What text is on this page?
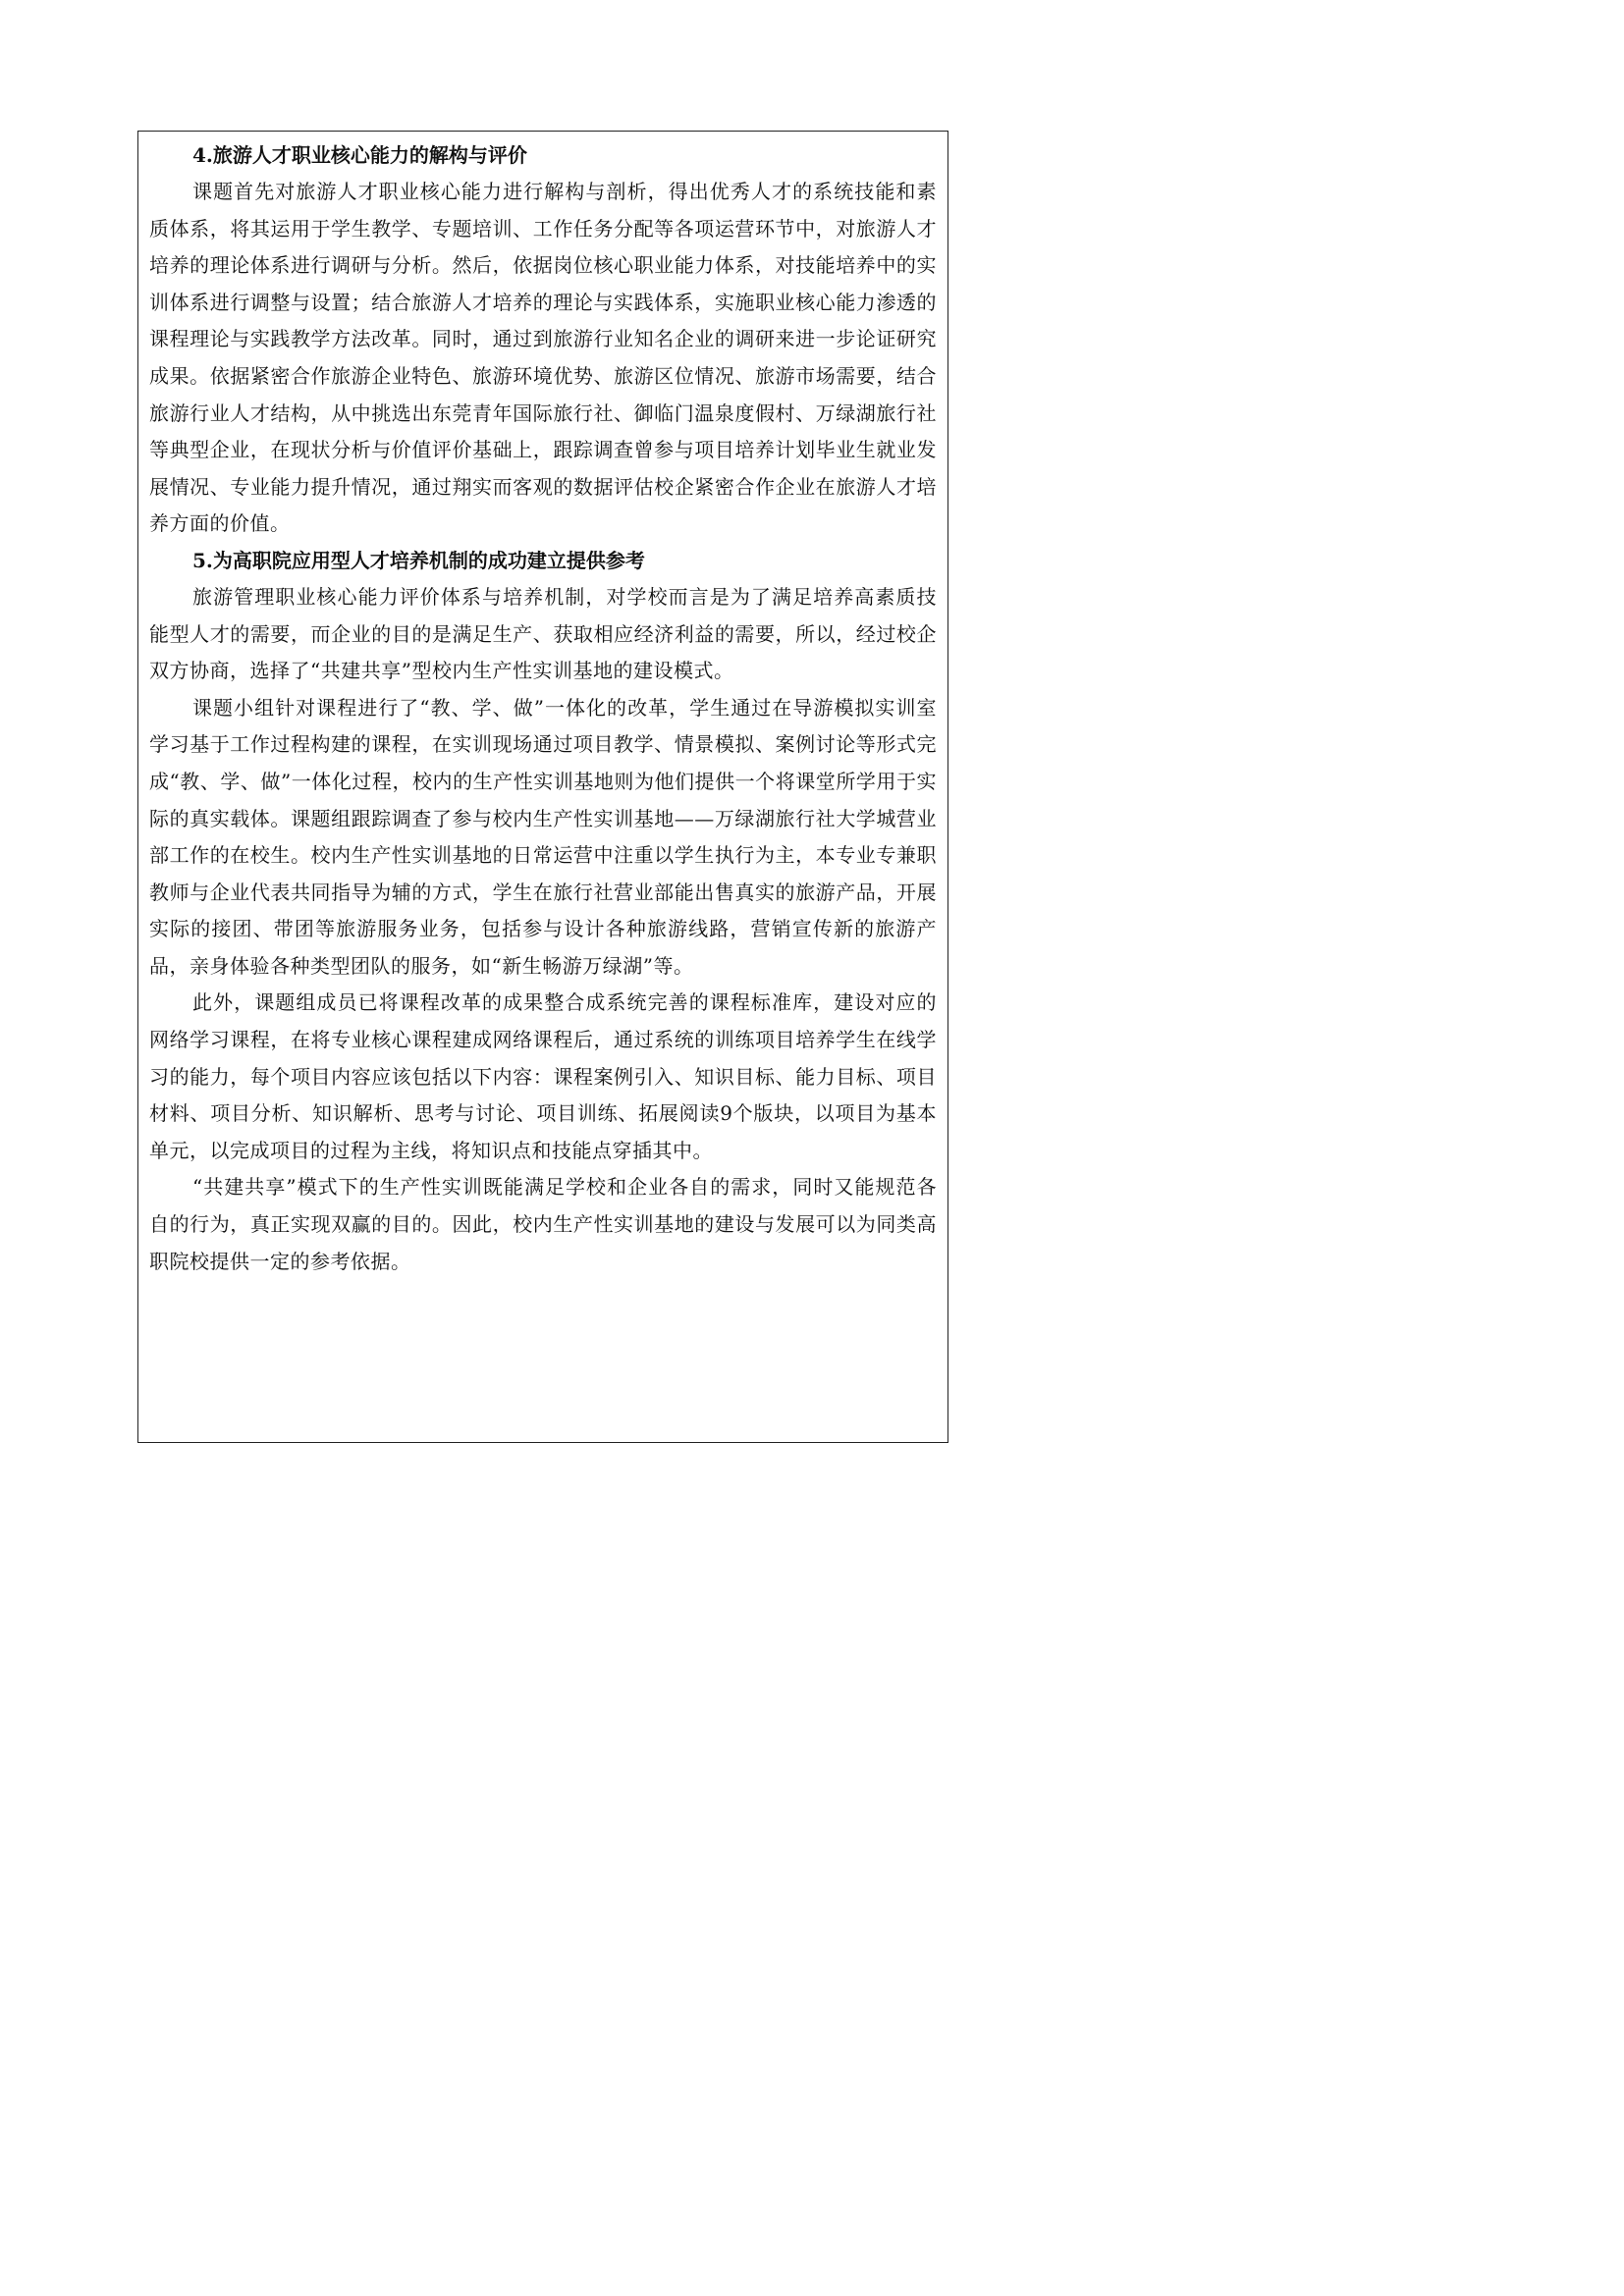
4.旅游人才职业核心能力的解构与评价

课题首先对旅游人才职业核心能力进行解构与剖析，得出优秀人才的系统技能和素质体系，将其运用于学生教学、专题培训、工作任务分配等各项运营环节中，对旅游人才培养的理论体系进行调研与分析。然后，依据岗位核心职业能力体系，对技能培养中的实训体系进行调整与设置；结合旅游人才培养的理论与实践体系，实施职业核心能力渗透的课程理论与实践教学方法改革。同时，通过到旅游行业知名企业的调研来进一步论证研究成果。依据紧密合作旅游企业特色、旅游环境优势、旅游区位情况、旅游市场需要，结合旅游行业人才结构，从中挑选出东莞青年国际旅行社、御临门温泉度假村、万绿湖旅行社等典型企业，在现状分析与价值评价基础上，跟踪调查曾参与项目培养计划毕业生就业发展情况、专业能力提升情况，通过翔实而客观的数据评估校企紧密合作企业在旅游人才培养方面的价值。

5.为高职院应用型人才培养机制的成功建立提供参考

旅游管理职业核心能力评价体系与培养机制，对学校而言是为了满足培养高素质技能型人才的需要，而企业的目的是满足生产、获取相应经济利益的需要，所以，经过校企双方协商，选择了“共建共享”型校内生产性实训基地的建设模式。

课题小组针对课程进行了“教、学、做”一体化的改革，学生通过在导游模拟实训室学习基于工作过程构建的课程，在实训现场通过项目教学、情景模拟、案例讨论等形式完成“教、学、做”一体化过程，校内的生产性实训基地则为他们提供一个将课堂所学用于实际的真实载体。课题组跟踪调查了参与校内生产性实训基地——万绿湖旅行社大学城营业部工作的在校生。校内生产性实训基地的日常运营中注重以学生执行为主，本专业专兼职教师与企业代表共同指导为辅的方式，学生在旅行社营业部能出售真实的旅游产品，开展实际的接团、带团等旅游服务业务，包括参与设计各种旅游线路，营销宣传新的旅游产品，亲身体验各种类型团队的服务，如“新生畅游万绿湖”等。

此外，课题组成员已将课程改革的成果整合成系统完善的课程标准库，建设对应的网络学习课程，在将专业核心课程建成网络课程后，通过系统的训练项目培养学生在线学习的能力，每个项目内容应该包括以下内容：课程案例引入、知识目标、能力目标、项目材料、项目分析、知识解析、思考与讨论、项目训练、拓展阅读9个版块，以项目为基本单元，以完成项目的过程为主线，将知识点和技能点穿插其中。

“共建共享”模式下的生产性实训既能满足学校和企业各自的需求，同时又能规范各自的行为，真正实现双赢的目的。因此，校内生产性实训基地的建设与发展可以为同类高职院校提供一定的参考依据。
